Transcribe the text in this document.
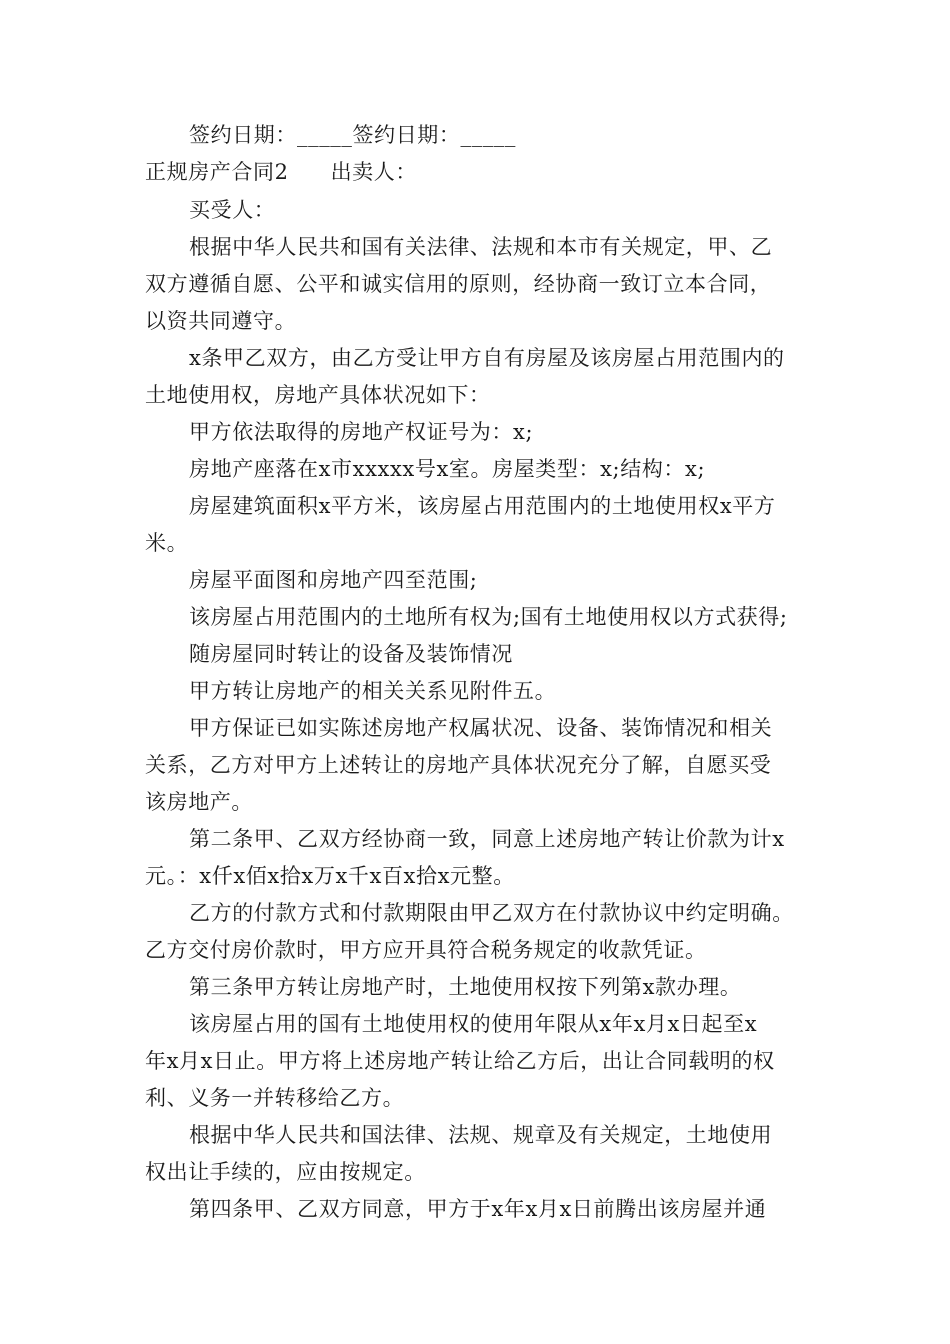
签约日期：_____签约日期：_____
正规房产合同2 出卖人：
买受人：
根据中华人民共和国有关法律、法规和本市有关规定，甲、乙
双方遵循自愿、公平和诚实信用的原则，经协商一致订立本合同，
以资共同遵守。
x条甲乙双方，由乙方受让甲方自有房屋及该房屋占用范围内的
土地使用权，房地产具体状况如下：
甲方依法取得的房地产权证号为：x;
房地产座落在x市xxxxx号x室。房屋类型：x;结构：x;
房屋建筑面积x平方米，该房屋占用范围内的土地使用权x平方
米。
房屋平面图和房地产四至范围;
该房屋占用范围内的土地所有权为;国有土地使用权以方式获得;
随房屋同时转让的设备及装饰情况
甲方转让房地产的相关关系见附件五。
甲方保证已如实陈述房地产权属状况、设备、装饰情况和相关
关系，乙方对甲方上述转让的房地产具体状况充分了解，自愿买受
该房地产。
第二条甲、乙双方经协商一致，同意上述房地产转让价款为计x
元。：x仟x佰x拾x万x千x百x拾x元整。
乙方的付款方式和付款期限由甲乙双方在付款协议中约定明确。
乙方交付房价款时，甲方应开具符合税务规定的收款凭证。
第三条甲方转让房地产时，土地使用权按下列第x款办理。
该房屋占用的国有土地使用权的使用年限从x年x月x日起至x
年x月x日止。甲方将上述房地产转让给乙方后，出让合同载明的权
利、义务一并转移给乙方。
根据中华人民共和国法律、法规、规章及有关规定，土地使用
权出让手续的，应由按规定。
第四条甲、乙双方同意，甲方于x年x月x日前腾出该房屋并通
